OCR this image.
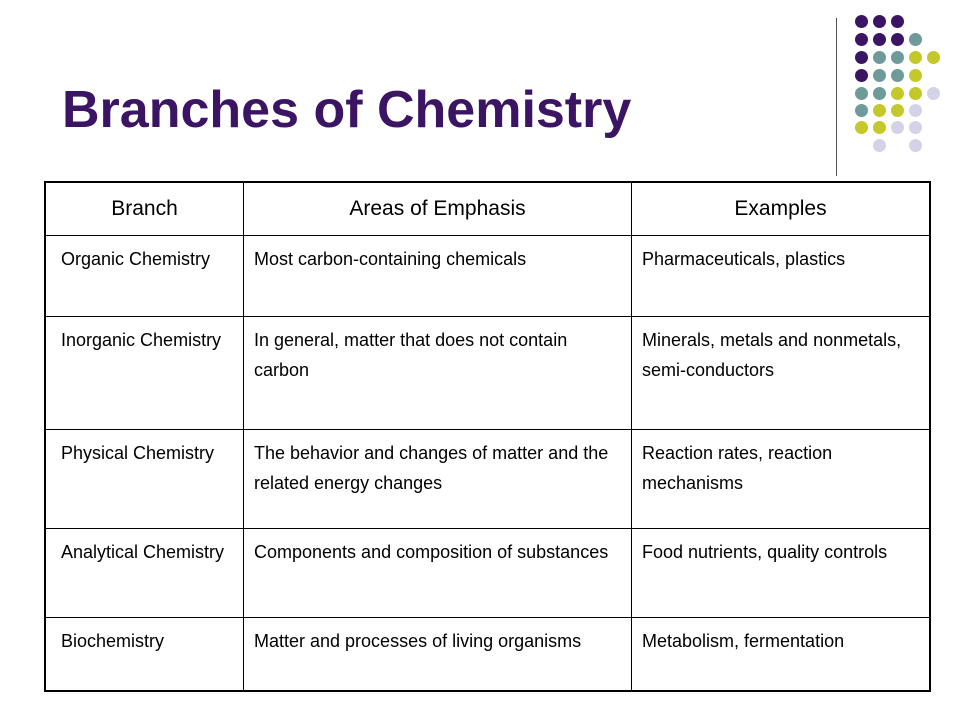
Branches of Chemistry
Branch	Areas of Emphasis	Examples
Organic Chemistry	Most carbon-containing chemicals	Pharmaceuticals, plastics
Inorganic Chemistry	In general, matter that does not contain carbon	Minerals, metals and nonmetals, semi-conductors
Physical Chemistry	The behavior and changes of matter and the related energy changes	Reaction rates, reaction mechanisms
Analytical Chemistry	Components and composition of substances	Food nutrients, quality controls
Biochemistry	Matter and processes of living organisms	Metabolism, fermentation
